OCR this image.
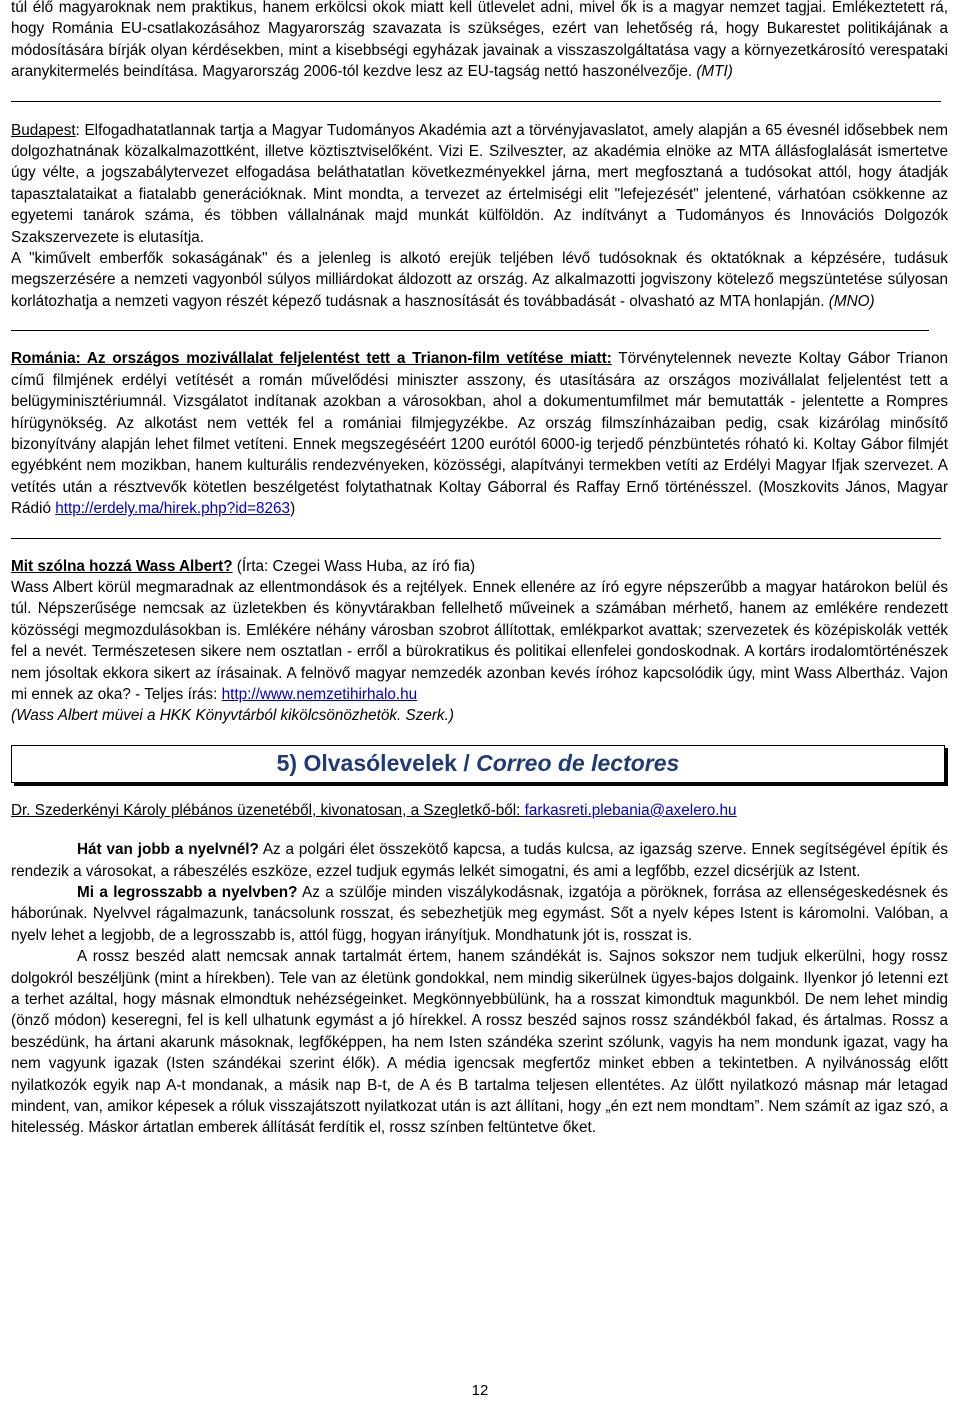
túl élő magyaroknak nem praktikus, hanem erkölcsi okok miatt kell ütlevelet adni, mivel ők is a magyar nemzet tagjai. Emlékeztetett rá, hogy Románia EU-csatlakozásához Magyarország szavazata is szükséges, ezért van lehetőség rá, hogy Bukarestet politikájának a módosítására bírják olyan kérdésekben, mint a kisebbségi egyházak javainak a visszaszolgáltatása vagy a környezetkárosító verespataki aranykitermelés beindítása. Magyarország 2006-tól kezdve lesz az EU-tagság nettó haszonélvezője. (MTI)

Budapest: Elfogadhatatlannak tartja a Magyar Tudományos Akadémia azt a törvényjavaslatot, amely alapján a 65 évesnél idősebbek nem dolgozhatnának közalkalmazottként, illetve köztisztviselőként. Vizi E. Szilveszter, az akadémia elnöke az MTA állásfoglalását ismertetve úgy vélte, a jogszabálytervezet elfogadása beláthatatlan következményekkel járna, mert megfosztaná a tudósokat attól, hogy átadják tapasztalataikat a fiatalabb generációknak. Mint mondta, a tervezet az értelmiségi elit "lefejezését" jelentené, várhatóan csökkenne az egyetemi tanárok száma, és többen vállalnának majd munkát külföldön. Az indítványt a Tudományos és Innovációs Dolgozók Szakszervezete is elutasítja.

A "kiművelt emberfők sokaságának" és a jelenleg is alkotó erejük teljében lévő tudósoknak és oktatóknak a képzésére, tudásuk megszerzésére a nemzeti vagyonból súlyos milliárdokat áldozott az ország. Az alkalmazotti jogviszony kötelező megszüntetése súlyosan korlátozhatja a nemzeti vagyon részét képező tudásnak a hasznosítását és továbbadását - olvasható az MTA honlapján. (MNO)

Románia: Az országos mozivállalat feljelentést tett a Trianon-film vetítése miatt: Törvénytelennek nevezte Koltay Gábor Trianon című filmjének erdélyi vetítését a román művelődési miniszter asszony, és utasítására az országos mozivállalat feljelentést tett a belügyminisztériumnál. Vizsgálatot indítanak azokban a városokban, ahol a dokumentumfilmet már bemutatták - jelentette a Rompres hírügynökség. Az alkotást nem vették fel a romániai filmjegyzékbe. Az ország filmszínházaiban pedig, csak kizárólag minősítő bizonyítvány alapján lehet filmet vetíteni. Ennek megszegéséért 1200 eurótól 6000-ig terjedő pénzbüntetés róható ki. Koltay Gábor filmjét egyébként nem mozikban, hanem kulturális rendezvényeken, közösségi, alapítványi termekben vetíti az Erdélyi Magyar Ifjak szervezet. A vetítés után a résztvevők kötetlen beszélgetést folytathatnak Koltay Gáborral és Raffay Ernő történésszel. (Moszkovits János, Magyar Rádió http://erdely.ma/hirek.php?id=8263)

Mit szólna hozzá Wass Albert? (Írta: Czegei Wass Huba, az író fia)

Wass Albert körül megmaradnak az ellentmondások és a rejtélyek. Ennek ellenére az író egyre népszerűbb a magyar határokon belül és túl. Népszerűsége nemcsak az üzletekben és könyvtárakban fellelhető műveinek a számában mérhető, hanem az emlékére rendezett közösségi megmozdulásokban is. Emlékére néhány városban szobrot állítottak, emlékparkot avattak; szervezetek és középiskolák vették fel a nevét. Természetesen sikere nem osztatlan - erről a bürokratikus és politikai ellenfelei gondoskodnak. A kortárs irodalomtörténészek nem jósoltak ekkora sikert az írásainak. A felnövő magyar nemzedék azonban kevés íróhoz kapcsolódik úgy, mint Wass Albertház. Vajon mi ennek az oka? - Teljes írás: http://www.nemzetihirhalo.hu

(Wass Albert müvei a HKK Könyvtárból kikölcsönözhetök. Szerk.)

5) Olvasólevelek / Correo de lectores

Dr. Szederkényi Károly plébános üzenetéből, kivonatosan, a Szegletkő-ből: farkasreti.plebania@axelero.hu

Hát van jobb a nyelvnél? Az a polgári élet összekötő kapcsa, a tudás kulcsa, az igazság szerve. Ennek segítségével építik és rendezik a városokat, a rábeszélés eszköze, ezzel tudjuk egymás lelkét simogatni, és ami a legfőbb, ezzel dicsérjük az Istent.

Mi a legrosszabb a nyelvben? Az a szülője minden viszálykodásnak, izgatója a pöröknek, forrása az ellenségeskedésnek és háborúnak. Nyelvvel rágalmazunk, tanácsolunk rosszat, és sebezhetjük meg egymást. Sőt a nyelv képes Istent is káromolni. Valóban, a nyelv lehet a legjobb, de a legrosszabb is, attól függ, hogyan irányítjuk. Mondhatunk jót is, rosszat is.

A rossz beszéd alatt nemcsak annak tartalmát értem, hanem szándékát is. Sajnos sokszor nem tudjuk elkerülni, hogy rossz dolgokról beszéljünk (mint a hírekben). Tele van az életünk gondokkal, nem mindig sikerülnek ügyes-bajos dolgaink. Ilyenkor jó letenni ezt a terhet azáltal, hogy másnak elmondtuk nehézségeinket. Megkönnyebbülünk, ha a rosszat kimondtuk magunkból. De nem lehet mindig (önző módon) keseregni, fel is kell ulhatunk egymást a jó hírekkel. A rossz beszéd sajnos rossz szándékból fakad, és ártalmas. Rossz a beszédünk, ha ártani akarunk másoknak, legfőképpen, ha nem Isten szándéka szerint szólunk, vagyis ha nem mondunk igazat, vagy ha nem vagyunk igazak (Isten szándékai szerint élők). A média igencsak megfertőz minket ebben a tekintetben. A nyilvánosság előtt nyilatkozók egyik nap A-t mondanak, a másik nap B-t, de A és B tartalma teljesen ellentétes. Az ülőtt nyilatkozó másnap már letagad mindent, van, amikor képesek a róluk visszajátszott nyilatkozat után is azt állítani, hogy „én ezt nem mondtam”. Nem számít az igaz szó, a hitelesség. Máskor ártatlan emberek állítását ferdítik el, rossz színben feltüntetve őket.

12
